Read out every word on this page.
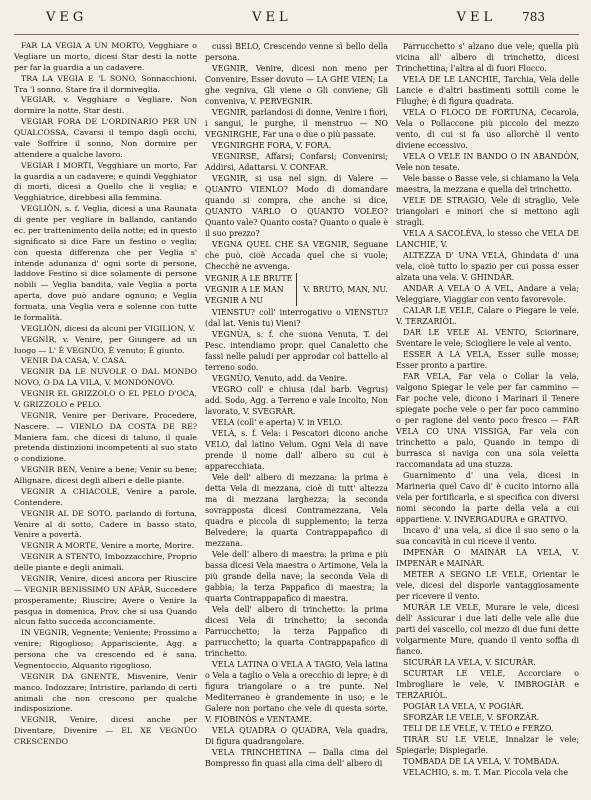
VEG	VEL	VEL 783

FAR LA VEGIA A UN MORTO, Vegghiare o Vegliare un morto, dicesi Star desti la notte per far la guardia a un cadavere.

TRA LA VEGIA E 'L SONO, Sonnacchioni, Tra 'l sonno. Stare fra il dormiveglia.

VEGIAR, v. Vegghiare o Vegliare, Non dormire la notte, Star desti.

VEGIAR FORA DE L'ORDINARIO PER UN QUALCOSSA, Cavarsi il tempo dagli occhi, vale Soffrire il sonno, Non dormire per attendere a qualche lavoro.

VEGIAR I MORTI, Vegghiare un morto, Far la guardia a un cadavere; e quindi Vegghiator di morti, dicesi a Quello che li veglia; e Vegghiatrice, direbbesi alla femmina.

VEGLIÒN, s. f. Veglia, dicesi a una Raunata di gente per vegliare in ballando, cantando ec. per trattenimento della notte; ed in questo significato si dice Fare un festino o veglia; con questa differenza che per Veglia s' intende adunanza d' ogni sorte di persone, laddove Festino si dice solamente di persone nobili — Veglia bandita, vale Veglia a porta aperta, dove può andare ognuno; e Veglia formata, una Veglia vera e solenne con tutte le formalità.

VEGLIÒN, dicesi da alcuni per VIGILION, V.

VEGNÌR, v. Venire, per Giungere ad un luogo — L' È VEGNÙO, È venuto; È giunto.

VENIR DA CASA, V. CASA.

VEGNIR DA LE NUVOLE O DAL MONDO NOVO, O DA LA VILA, V. MONDONOVO.

VEGNIR EL GRIZZOLO O EL PELO D'OCA, V. GRIZZOLO e PELO.

VEGNIR, Venire per Derivare, Procedere, Nascere. — VIENLO DA COSTA DE RE? Maniera fam. che dicesi di taluno, il quale pretenda distinzioni incompetenti al suo stato o condizione.

VEGNIR BEN, Venire a bene; Venir su bene; Allignare, dicesi degli alberi e delle piante.

VEGNIR A CHIACOLE, Venire a parole, Contendere.

VEGNIR AL DE SOTO, parlando di fortuna, Venire al di sotto, Cadere in basso stato, Venire a povertà.

VEGNIR A MORTE, Venire a morte, Morire.

VEGNIR A STENTO, Imbozzacchire, Proprio delle piante e degli animali.

VEGNIR, Venire, dicesi ancora per Riuscire — VEGNIR BENISSIMO UN AFÀR, Succedere prosperamente; Riuscire; Avere o Venire la pasqua in domenica, Prov. che si usa Quando alcun fatto succeda acconciamente.

IN VEGNIR, Vegnente; Veniente; Prossimo a venire; Rigoglioso; Apparisciente, Agg. a persona che va crescendo ed è sana. Vegnentoccio, Alquanto rigoglioso.

VEGNIR DA GNENTE, Misvenire, Venir manco. Indozzare; Intristire, parlando di certi animali che non crescono per qualche indisposizione.

VEGNIR, Venire, dicesi anche per Diventare, Divenire — EL XE VEGNÙO CRESCENDO

cussì BELO, Crescendo venne sì bello della persona.

VEGNIR, Venire, dicesi non meno per Convenire, Esser dovuto — LA GHE VIEN; La ghe vegniva, Gli viene o Gli conviene; Gli conveniva, V. PERVEGNIR.

VEGNIR, parlandosi di donne, Venire i fiori, i sangui, le purghe, il menstruo — NO VEGNIRGHE, Far una o due o più passate.

VEGNIRGHE FORA, V. FORA.

VEGNIRSE, Affarsi; Confarsi; Convenirsi; Addirsi, Adattarsi. V. CONFAR.

VEGNIR, si usa nel sign. di Valere — QUANTO VIENLO? Modo di domandare quando si compra, che anche si dice, QUANTO VARLO O QUANTO VOLEO? Quanto vale? Quanto costa? Quanto o quale è il suo prezzo?

VEGNA QUEL CHE SA VEGNIR, Seguane che può, cioè Accada quel che si vuole; Checchè ne avvenga.

VEGNIR A LE BRUTE
VEGNIR A LE MAN
VEGNIR A NU
V. BRUTO, MAN, NU.

VIENSTU? coll' interrogativo o VIENSTU? (dal lat. Venis tu) Vieni?

VEGNÙA, s. f. che suona Venuta, T. dei Pesc. intendiamo propr. quel Canaletto che fassi nelle paludi per approdar col battello al terreno sodo.

VEGNÙO, Venuto, add. da Venire.

VEGRO coll' e chiusa (dal barb. Vegrus) add. Sodo, Agg. a Terreno e vale Incolto, Non lavorato, V. SVEGRÀR.

VELA (coll' e aperta) V. in VELO.

VELÀ, s. f. Vela: i Pescatori dicono anche VELO, dal latino Velum. Ogni Vela di nave prende il nome dall' albero su cui è apparecchiata.

Vele dell' albero di mezzana: la prima è detta Vela di mezzana, cioè di tutt' altezza ma di mezzana larghezza; la seconda sovrapposta dicesi Contramezzana, Vela quadra e piccola di supplemento; la terza Belvedere; la quarta Contrappapafico di mezzana.

Vele dell' albero di maestra: la prima e più bassa dicesi Vela maestra o Artimone, Vela la più grande della nave; la seconda Vela di gabbia; la terza Pappafico di maestra; la quarta Contrappapafico di maestra.

Vela dell' albero di trinchetto: la prima dicesi Vela di trinchetto; la seconda Parrucchetto; la terza Pappafico di parrucchetto; la quarta Contrappapafico di trinchetto.

VELA LATINA O VELA A TAGIO, Vela latina o Vela a taglio o Vela a orecchio di lepre; è di figura triangolare o a tre punte. Nel Mediterraneo è grandemente in uso; e le Galere non portano che vele di questa sorte. V. FIOBINÒS e VENTAME.

VELA QUADRA O QUADRA, Vela quadra, Di figura quadrangolare.

VELA TRINCHETINA — Dalla cima del Bompresso fin quasi alla cima dell' albero di

Parrucchetto s' alzano due vele; quella più vicina all' albero di trinchetto, dicesi Trinchettina; l'altra al di fuori Flocco.

VELA DE LE LANCHIE, Tarchia, Vela delle Lancie e d'altri bastimenti sottili come le Filughe; è di figura quadrata.

VELA O FLOCO DE FORTUNA, Cecarola, Vela o Pollaccone più piccolo del mezzo vento, di cui si fa uso allorchè il vento diviene eccessivo.

VELA O VELE IN BANDO O IN ABANDÒN, Vele non tesate.

Vele basse o Basse vele, si chiamano la Vela maestra, la mezzana e quella del trinchetto.

VELE DE STRAGIO, Vele di straglio, Vele triangolari e minori che si mettono agli stragli.

VELA A SACOLÈVA, lo stesso che VELA DE LANCHIE, V.

ALTEZZA D' UNA VELA, Ghindata d' una vela, cioè tutto lo spazio per cui possa esser alzata una vela. V. GHINDÀR.

ANDAR A VELA O A VEL, Andare a vela; Veleggiare, Viaggiar con vento favorevole.

CALAR LE VELE, Calare o Piegare le vele. V. TERZARIÒL.

DAR LE VELE AL VENTO, Sciorinare, Sventare le vele; Sciogliere le vele al vento.

ESSER A LA VELA, Esser sulle mosse; Esser pronto a partire.

FAR VELA, Far vela o Collar la vela, valgono Spiegar le vele per far cammino — Far poche vele, dicono i Marinari il Tenere spiegate poche vele o per far poco cammino o per ragione del vento poco fresco — FAR VELA CO UNA VISSIGA, Far vela con trinchetto a palo, Quando in tempo di burrasca si naviga con una sola veletta raccomandata ad una stuzza.

Guarnimento d' una vela, dicesi in Marineria quel Cavo di' è cucito intorno alla vela per fortificarla, e si specifica con diversi nomi secondo la parte della vela a cui appartiene. V. INVERGADURA e GRATIVO.

Incavo d' una vela, si dice il suo seno o la sua concavità in cui riceve il vento.

IMPENÀR O MAINÀR LA VELA, V. IMPENÀR e MAINÀR.

METER A SEGNO LE VELE, Orientar le vele, dicesi del disporle vantaggiosamente per ricevere il vento.

MURÀR LE VELE, Murare le vele, dicesi dell' Assicurar i due lati delle vele alle due parti del vascello, col mezzo di due funi dette volgarmente Mure, quando il vento soffia di fianco.

SICURÀR LA VELA, V. SICURÀR.

SCURTAR LE VELE, Accorciare o Imbrogliare le vele, V. IMBROGIÀR e TERZARIÒL.

POGIÀR LA VELA, V. POGIÀR.

SFORZÀR LE VELE, V. SFORZÀR.

TELI DE LE VELE, V. TELO e FERZO.

TIRÀR SU LE VELE, Innalzar le vele; Spiegarle; Dispiegarle.

TOMBADA DE LA VELA, V. TOMBADA.

VELACHIO, s. m. T. Mar. Piccola vela che
